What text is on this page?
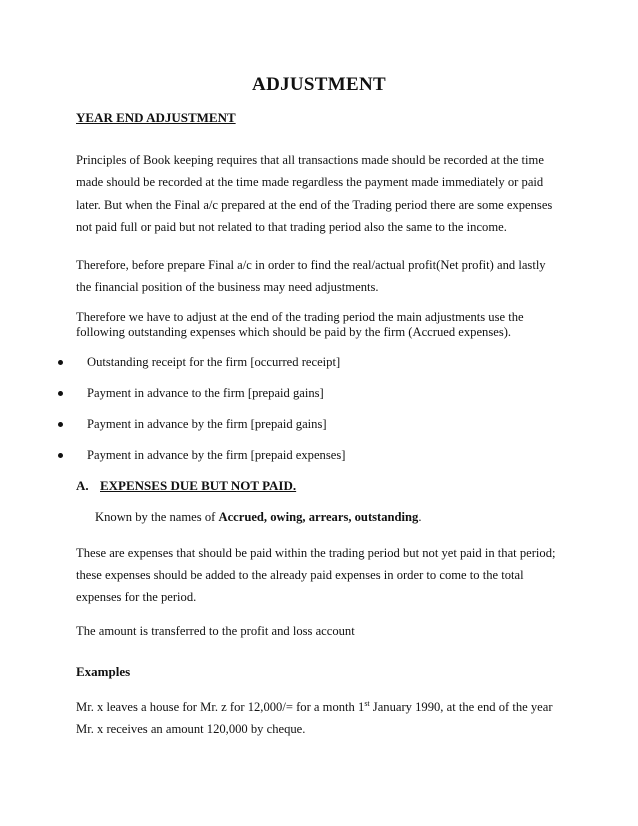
ADJUSTMENT
YEAR END ADJUSTMENT

Principles of Book keeping requires that all transactions made should be recorded at the time made should be recorded at the time made regardless the payment made immediately or paid later. But when the Final a/c prepared at the end of the Trading period there are some expenses not paid full or paid but not related to that trading period also the same to the income.

Therefore, before prepare Final a/c in order to find the real/actual profit(Net profit) and lastly the financial position of the business may need adjustments.

Therefore we have to adjust at the end of the trading period the main adjustments use the following outstanding expenses which should be paid by the firm (Accrued expenses).

Outstanding receipt for the firm [occurred receipt]
Payment in advance to the firm [prepaid gains]
Payment in advance by the firm [prepaid gains]
Payment in advance by the firm [prepaid expenses]
A. EXPENSES DUE BUT NOT PAID.
Known by the names of Accrued, owing, arrears, outstanding.

These are expenses that should be paid within the trading period but not yet paid in that period; these expenses should be added to the already paid expenses in order to come to the total expenses for the period.

The amount is transferred to the profit and loss account

Examples

Mr. x leaves a house for Mr. z for 12,000/= for a month 1st January 1990, at the end of the year Mr. x receives an amount 120,000 by cheque.
